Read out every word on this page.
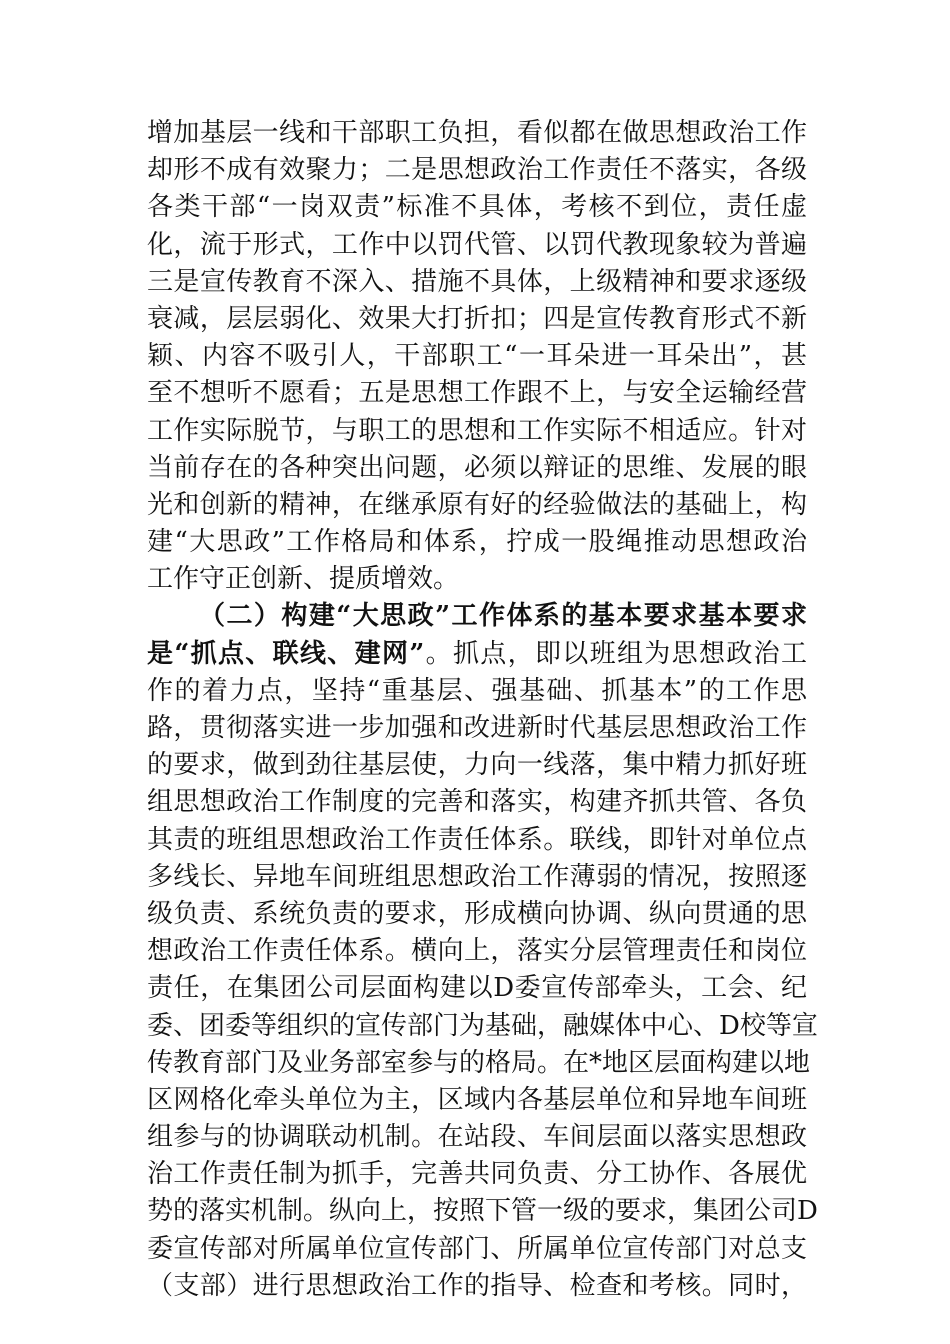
增加基层一线和干部职工负担，看似都在做思想政治工作
却形不成有效聚力；二是思想政治工作责任不落实，各级
各类干部“一岗双责”标准不具体，考核不到位，责任虚
化，流于形式，工作中以罚代管、以罚代教现象较为普遍
三是宣传教育不深入、措施不具体，上级精神和要求逐级
衰减，层层弱化、效果大打折扣；四是宣传教育形式不新
颖、内容不吸引人，干部职工“一耳朵进一耳朵出”，甚
至不想听不愿看；五是思想工作跟不上，与安全运输经营
工作实际脱节，与职工的思想和工作实际不相适应。针对
当前存在的各种突出问题，必须以辩证的思维、发展的眼
光和创新的精神，在继承原有好的经验做法的基础上，构
建“大思政”工作格局和体系，拧成一股绳推动思想政治
工作守正创新、提质增效。
（二）构建“大思政”工作体系的基本要求基本要求
是“抓点、联线、建网”。抓点，即以班组为思想政治工
作的着力点，坚持“重基层、强基础、抓基本”的工作思
路，贯彻落实进一步加强和改进新时代基层思想政治工作
的要求，做到劲往基层使，力向一线落，集中精力抓好班
组思想政治工作制度的完善和落实，构建齐抓共管、各负
其责的班组思想政治工作责任体系。联线，即针对单位点
多线长、异地车间班组思想政治工作薄弱的情况，按照逐
级负责、系统负责的要求，形成横向协调、纵向贯通的思
想政治工作责任体系。横向上，落实分层管理责任和岗位
责任，在集团公司层面构建以D委宣传部牵头，工会、纪
委、团委等组织的宣传部门为基础，融媒体中心、D校等宣
传教育部门及业务部室参与的格局。在*地区层面构建以地
区网格化牵头单位为主，区域内各基层单位和异地车间班
组参与的协调联动机制。在站段、车间层面以落实思想政
治工作责任制为抓手，完善共同负责、分工协作、各展优
势的落实机制。纵向上，按照下管一级的要求，集团公司D
委宣传部对所属单位宣传部门、所属单位宣传部门对总支
（支部）进行思想政治工作的指导、检查和考核。同时，
